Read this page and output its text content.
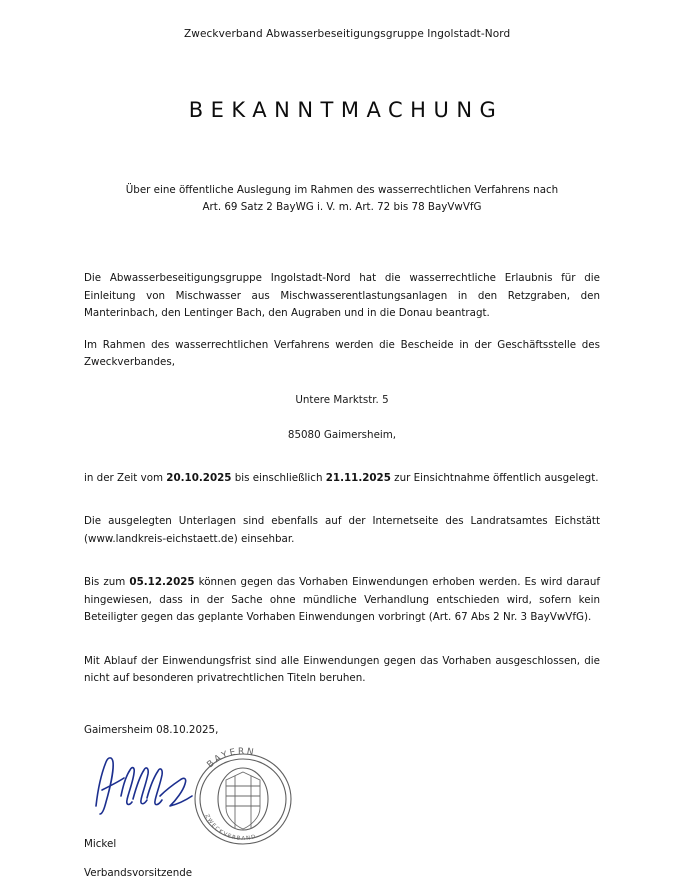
Zweckverband Abwasserbeseitigungsgruppe Ingolstadt-Nord
BEKANNTMACHUNG
Über eine öffentliche Auslegung im Rahmen des wasserrechtlichen Verfahrens nach
Art. 69 Satz 2 BayWG i. V. m. Art. 72 bis 78 BayVwVfG

Die Abwasserbeseitigungsgruppe Ingolstadt-Nord hat die wasserrechtliche Erlaubnis für die Einleitung von Mischwasser aus Mischwasserentlastungsanlagen in den Retzgraben, den Manterinbach, den Lentinger Bach, den Augraben und in die Donau beantragt.

Im Rahmen des wasserrechtlichen Verfahrens werden die Bescheide in der Geschäftsstelle des Zweckverbandes,

Untere Marktstr. 5

85080 Gaimersheim,

in der Zeit vom 20.10.2025 bis einschließlich 21.11.2025 zur Einsichtnahme öffentlich ausgelegt.

Die ausgelegten Unterlagen sind ebenfalls auf der Internetseite des Landratsamtes Eichstätt (www.landkreis-eichstaett.de) einsehbar.

Bis zum 05.12.2025 können gegen das Vorhaben Einwendungen erhoben werden. Es wird darauf hingewiesen, dass in der Sache ohne mündliche Verhandlung entschieden wird, sofern kein Beteiligter gegen das geplante Vorhaben Einwendungen vorbringt (Art. 67 Abs 2 Nr. 3 BayVwVfG).

Mit Ablauf der Einwendungsfrist sind alle Einwendungen gegen das Vorhaben ausgeschlossen, die nicht auf besonderen privatrechtlichen Titeln beruhen.

Gaimersheim 08.10.2025,

BAYERN
ZWECKVERBAND

Mickel

Verbandsvorsitzende
